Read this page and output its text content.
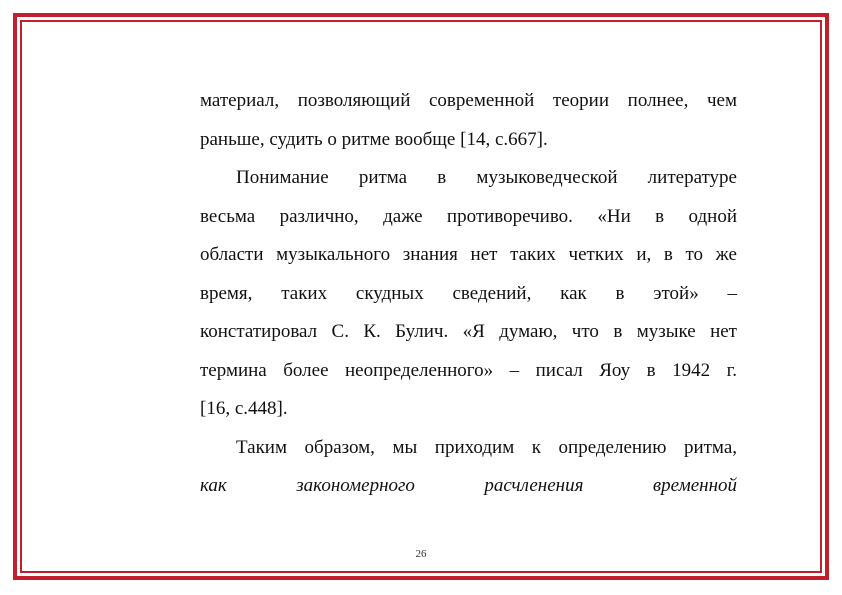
материал, позволяющий современной теории полнее, чем
раньше, судить о ритме вообще [14, с.667].
Понимание ритма в музыковедческой литературе
весьма различно, даже противоречиво. «Ни в одной
области музыкального знания нет таких четких и, в то же
время, таких скудных сведений, как в этой» –
констатировал С. К. Булич. «Я думаю, что в музыке нет
термина более неопределенного» – писал Яоу в 1942 г.
[16, с.448].
Таким образом, мы приходим к определению ритма,
как закономерного расчленения временной
26
